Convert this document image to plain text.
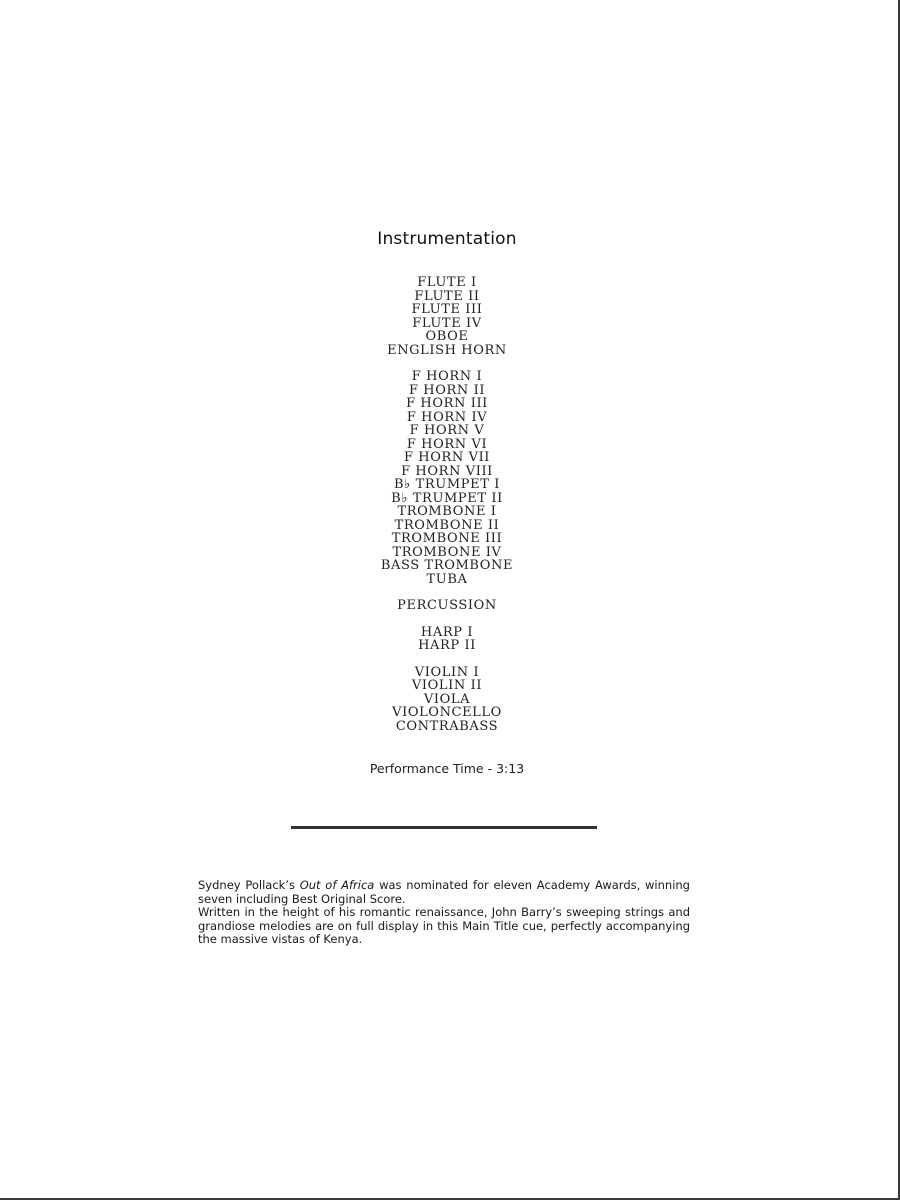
Instrumentation
FLUTE I
FLUTE II
FLUTE III
FLUTE IV
OBOE
ENGLISH HORN
F HORN I
F HORN II
F HORN III
F HORN IV
F HORN V
F HORN VI
F HORN VII
F HORN VIII
B♭ TRUMPET I
B♭ TRUMPET II
TROMBONE I
TROMBONE II
TROMBONE III
TROMBONE IV
BASS TROMBONE
TUBA
PERCUSSION
HARP I
HARP II
VIOLIN I
VIOLIN II
VIOLA
VIOLONCELLO
CONTRABASS
Performance Time - 3:13

Sydney Pollack’s Out of Africa was nominated for eleven Academy Awards, winning seven including Best Original Score.

Written in the height of his romantic renaissance, John Barry’s sweeping strings and grandiose melodies are on full display in this Main Title cue, perfectly accompanying the massive vistas of Kenya.
